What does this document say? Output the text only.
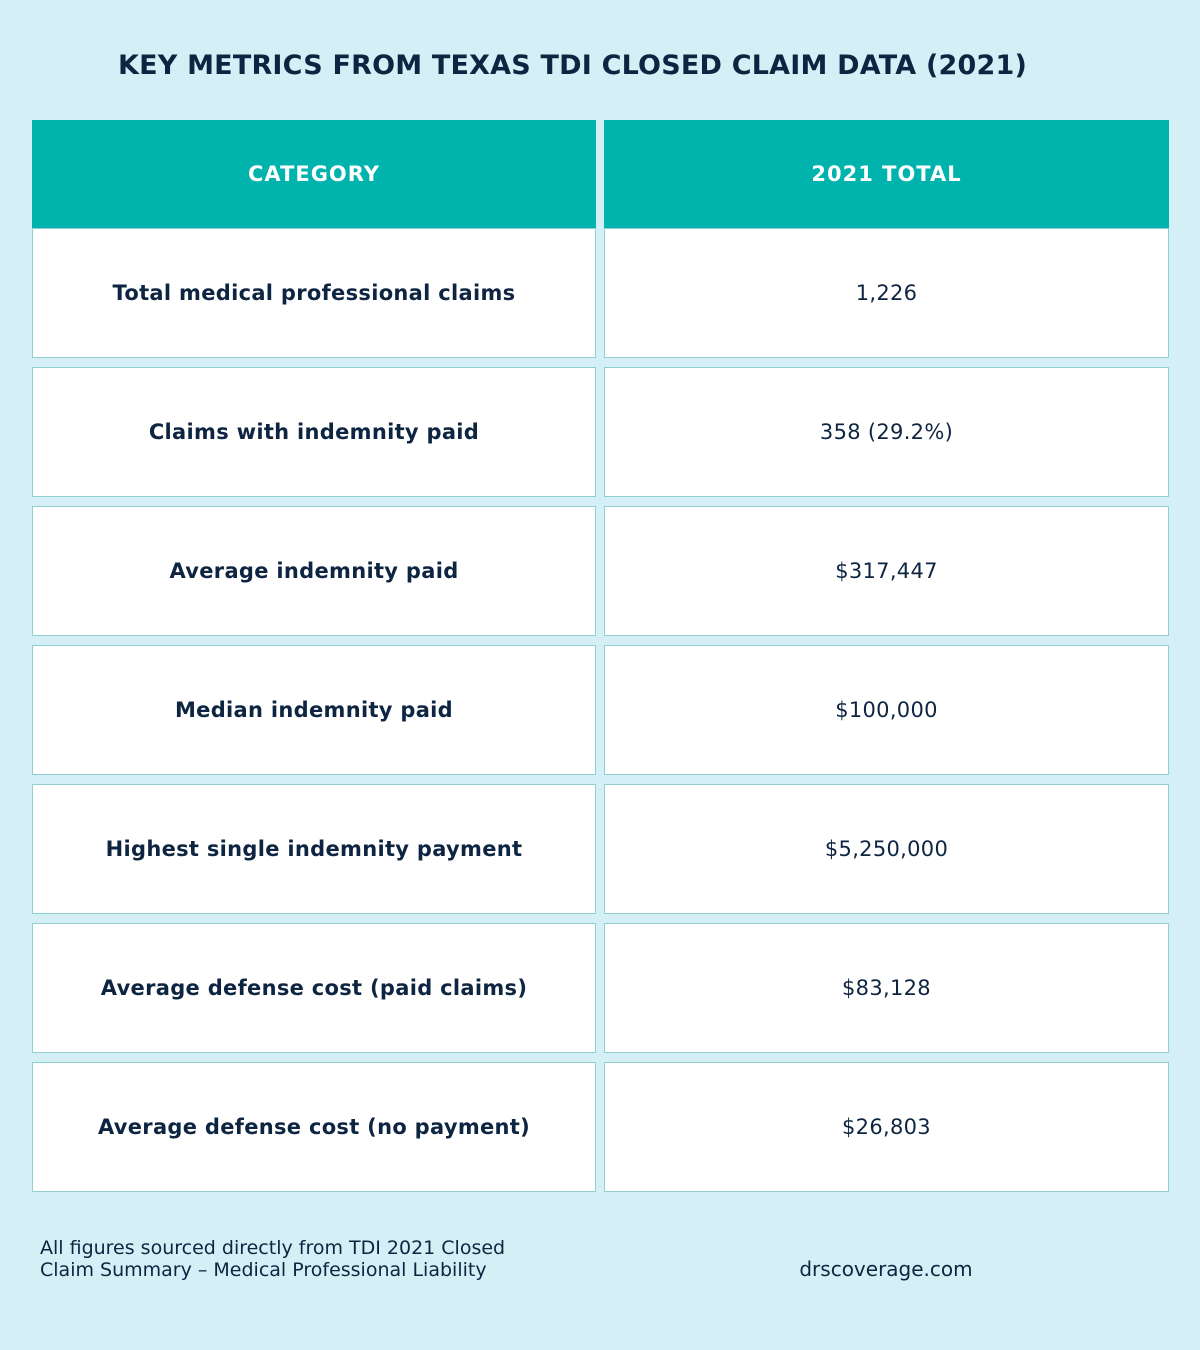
KEY METRICS FROM TEXAS TDI CLOSED CLAIM DATA (2021)
CATEGORY	2021 TOTAL
Total medical professional claims	1,226
Claims with indemnity paid	358 (29.2%)
Average indemnity paid	$317,447
Median indemnity paid	$100,000
Highest single indemnity payment	$5,250,000
Average defense cost (paid claims)	$83,128
Average defense cost (no payment)	$26,803
All figures sourced directly from TDI 2021 Closed Claim Summary – Medical Professional Liability	drscoverage.com
